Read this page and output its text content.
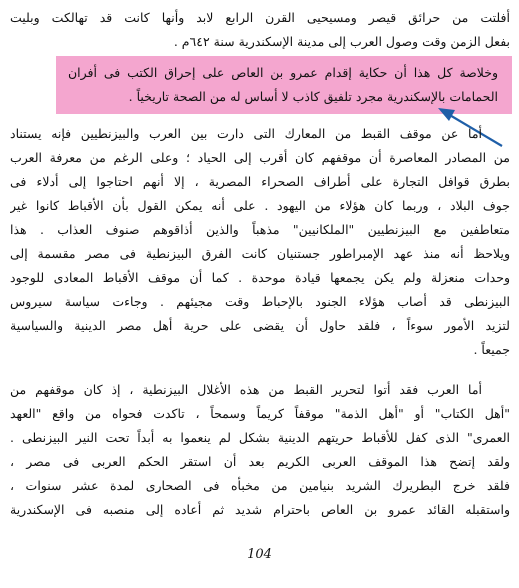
أفلتت من حرائق قيصر ومسيحيى القرن الرابع لابد وأنها كانت قد تهالكت وبليت
بفعل الزمن وقت وصول العرب إلى مدينة الإسكندرية سنة ٦٤٢م .
وخلاصة كل هذا أن حكاية إقدام عمرو بن العاص على إحراق الكتب فى أفران
الحمامات بالإسكندرية مجرد تلفيق كاذب لا أساس له من الصحة تاريخياً .
أما عن موقف القبط من المعارك التى دارت بين العرب والبيزنطيين فإنه يستناد
من المصادر المعاصرة أن موقفهم كان أقرب إلى الحياد ؛ وعلى الرغم من معرفة العرب
بطرق قوافل التجارة على أطراف الصحراء المصرية ، إلا أنهم احتاجوا إلى أدلاء فى
جوف البلاد ، وربما كان هؤلاء من اليهود . على أنه يمكن القول بأن الأقباط كانوا غير
متعاطفين مع البيزنطيين "الملكانيين" مذهباً والذين أذاقوهم صنوف العذاب . هذا
ويلاحظ أنه منذ عهد الإمبراطور جستنيان كانت الفرق البيزنطية فى مصر مقسمة إلى
وحدات منعزلة ولم يكن يجمعها قيادة موحدة . كما أن موقف الأقباط المعادى للوجود
البيزنطى قد أصاب هؤلاء الجنود بالإحباط وقت مجيئهم . وجاءت سياسة سيروس
لتزيد الأمور سوءاً ، فلقد حاول أن يقضى على حرية أهل مصر الدينية والسياسية
جميعاً .
أما العرب فقد أتوا لتحرير القبط من هذه الأغلال البيزنطية ، إذ كان موقفهم من
"أهل الكتاب" أو "أهل الذمة" موقفاً كريماً وسمحاً ، تاكدت فحواه من واقع "العهد
العمرى" الذى كفل للأقباط حريتهم الدينية بشكل لم ينعموا به أبداً تحت النير البيزنطى .
ولقد إتضح هذا الموقف العربى الكريم بعد أن استقر الحكم العربى فى مصر ،
فلقد خرج البطريرك الشريد بنيامين من مخبأه فى الصحارى لمدة عشر سنوات ،
واستقبله القائد عمرو بن العاص باحترام شديد ثم أعاده إلى منصبه فى الإسكندرية
104
